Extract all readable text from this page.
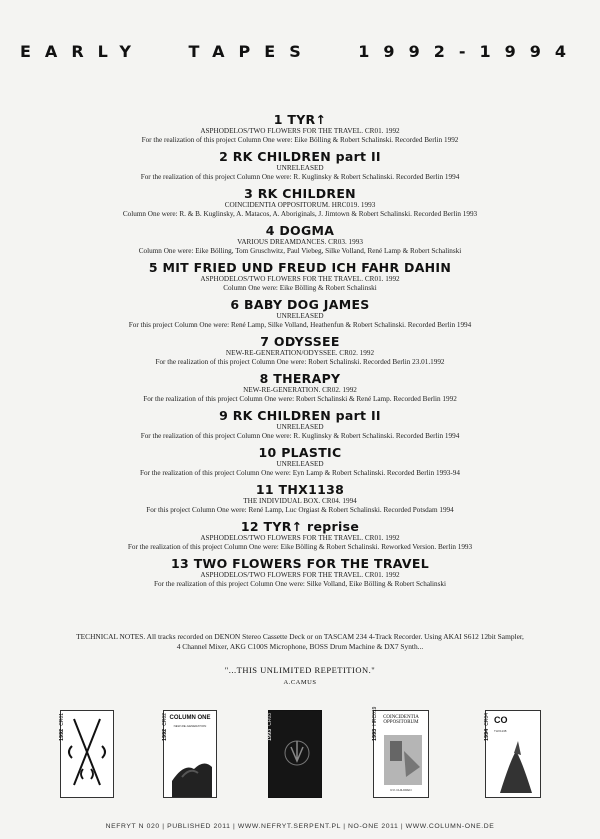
EARLY TAPES 1992-1994
1 TYR↑
ASPHODELOS/TWO FLOWERS FOR THE TRAVEL. CR01. 1992
For the realization of this project Column One were: Eike Bölling & Robert Schalinski. Recorded Berlin 1992
2 RK CHILDREN part II
UNRELEASED
For the realization of this project Column One were: R. Kuglinsky & Robert Schalinski. Recorded Berlin 1994
3 RK CHILDREN
COINCIDENTIA OPPOSITORUM. HRC019. 1993
Column One were: R. & B. Kuglinsky, A. Matacos, A. Aboriginals, J. Jimtown & Robert Schalinski. Recorded Berlin 1993
4 DOGMA
VARIOUS DREAMDANCES. CR03. 1993
Column One were: Eike Bölling, Tom Gruschwitz, Paul Viebeg, Silke Volland, René Lamp & Robert Schalinski
5 MIT FRIED UND FREUD ICH FAHR DAHIN
ASPHODELOS/TWO FLOWERS FOR THE TRAVEL. CR01. 1992
Column One were: Eike Bölling & Robert Schalinski
6 BABY DOG JAMES
UNRELEASED
For this project Column One were: René Lamp, Silke Volland, Heathenfun & Robert Schalinski. Recorded Berlin 1994
7 ODYSSEE
NEW-RE-GENERATION/ODYSSEE. CR02. 1992
For the realization of this project Column One were: Robert Schalinski. Recorded Berlin 23.01.1992
8 THERAPY
NEW-RE-GENERATION. CR02. 1992
For the realization of this project Column One were: Robert Schalinski & René Lamp. Recorded Berlin 1992
9 RK CHILDREN part II
UNRELEASED
For the realization of this project Column One were: R. Kuglinsky & Robert Schalinski. Recorded Berlin 1994
10 PLASTIC
UNRELEASED
For the realization of this project Column One were: Eyn Lamp & Robert Schalinski. Recorded Berlin 1993-94
11 THX1138
THE INDIVIDUAL BOX. CR04. 1994
For this project Column One were: René Lamp, Luc Orgiast & Robert Schalinski. Recorded Potsdam 1994
12 TYR↑ reprise
ASPHODELOS/TWO FLOWERS FOR THE TRAVEL. CR01. 1992
For the realization of this project Column One were: Eike Bölling & Robert Schalinski. Reworked Version. Berlin 1993
13 TWO FLOWERS FOR THE TRAVEL
ASPHODELOS/TWO FLOWERS FOR THE TRAVEL. CR01. 1992
For the realization of this project Column One were: Silke Volland, Eike Bölling & Robert Schalinski
TECHNICAL NOTES. All tracks recorded on DENON Stereo Cassette Deck or on TASCAM 234 4-Track Recorder. Using AKAI S612 12bit Sampler,
4 Channel Mixer, AKG C100S Microphone, BOSS Drum Machine & DX7 Synth...
"...THIS UNLIMITED REPETITION."
A.CAMUS
1992CR01
1992CR02 COLUMN ONE
NEW-RE-GENERATION
1993CR03
1993HRC019	COINCIDENTIA OPPOSITORUM
R.K.CHILDREN
1994CR04 CO
THX1138
NEFRYT N 020 | PUBLISHED 2011 | WWW.NEFRYT.SERPENT.PL | NO-ONE 2011 | WWW.COLUMN-ONE.DE
